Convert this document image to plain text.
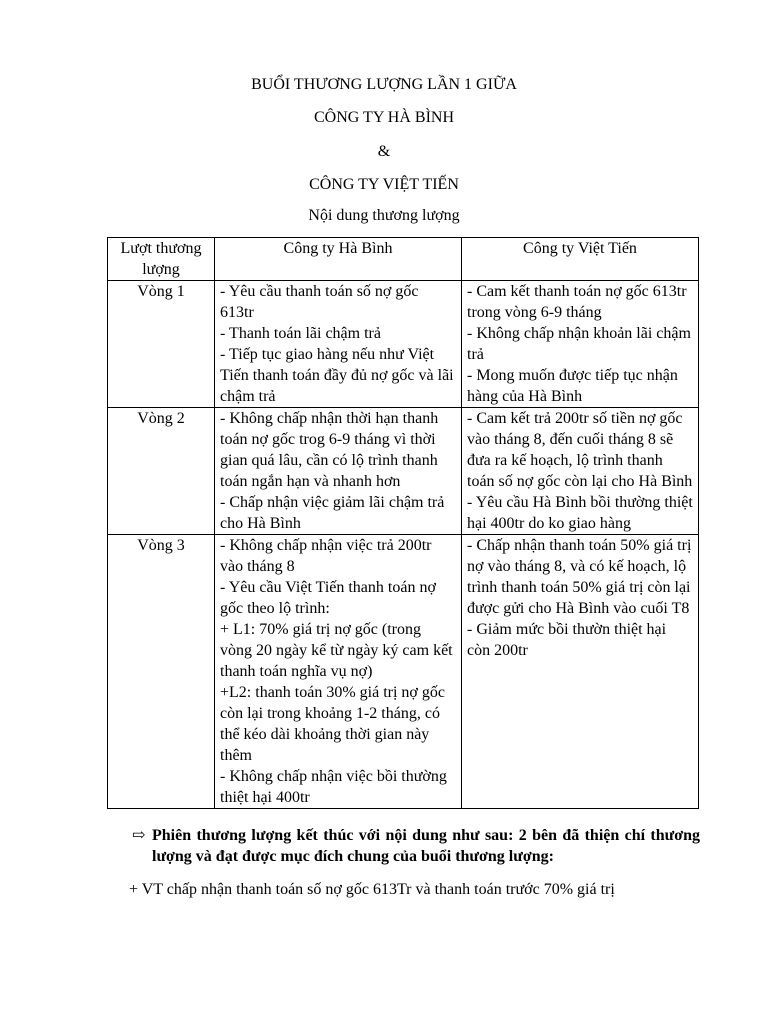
BUỔI THƯƠNG LƯỢNG LẦN 1 GIỮA
CÔNG TY HÀ BÌNH
&
CÔNG TY VIỆT TIẾN
Nội dung thương lượng
Lượt thương lượng	Công ty Hà Bình	Công ty Việt Tiến
Vòng 1	- Yêu cầu thanh toán số nợ gốc 613tr
- Thanh toán lãi chậm trả
- Tiếp tục giao hàng nếu như Việt Tiến thanh toán đầy đủ nợ gốc và lãi chậm trả	- Cam kết thanh toán nợ gốc 613tr trong vòng 6-9 tháng
- Không chấp nhận khoản lãi chậm trả
- Mong muốn được tiếp tục nhận hàng của Hà Bình

Vòng 2	- Không chấp nhận thời hạn thanh toán nợ gốc trog 6-9 tháng vì thời gian quá lâu, cần có lộ trình thanh toán ngắn hạn và nhanh hơn
- Chấp nhận việc giảm lãi chậm trả cho Hà Bình	- Cam kết trả 200tr số tiền nợ gốc vào tháng 8, đến cuối tháng 8 sẽ đưa ra kế hoạch, lộ trình thanh toán số nợ gốc còn lại cho Hà Bình
- Yêu cầu Hà Bình bồi thường thiệt hại 400tr do ko giao hàng

Vòng 3	- Không chấp nhận việc trả 200tr vào tháng 8
- Yêu cầu Việt Tiến thanh toán nợ gốc theo lộ trình:
+ L1: 70% giá trị nợ gốc (trong vòng 20 ngày kể từ ngày ký cam kết thanh toán nghĩa vụ nợ)
+L2: thanh toán 30% giá trị nợ gốc còn lại trong khoảng 1-2 tháng, có thể kéo dài khoảng thời gian này thêm
- Không chấp nhận việc bồi thường thiệt hại 400tr	- Chấp nhận thanh toán 50% giá trị nợ vào tháng 8, và có kế hoạch, lộ trình thanh toán 50% giá trị còn lại được gửi cho Hà Bình vào cuối T8
- Giảm mức bồi thườn thiệt hại còn 200tr
⇨ Phiên thương lượng kết thúc với nội dung như sau: 2 bên đã thiện chí thương lượng và đạt được mục đích chung của buổi thương lượng:
+ VT chấp nhận thanh toán số nợ gốc 613Tr và thanh toán trước 70% giá trị
